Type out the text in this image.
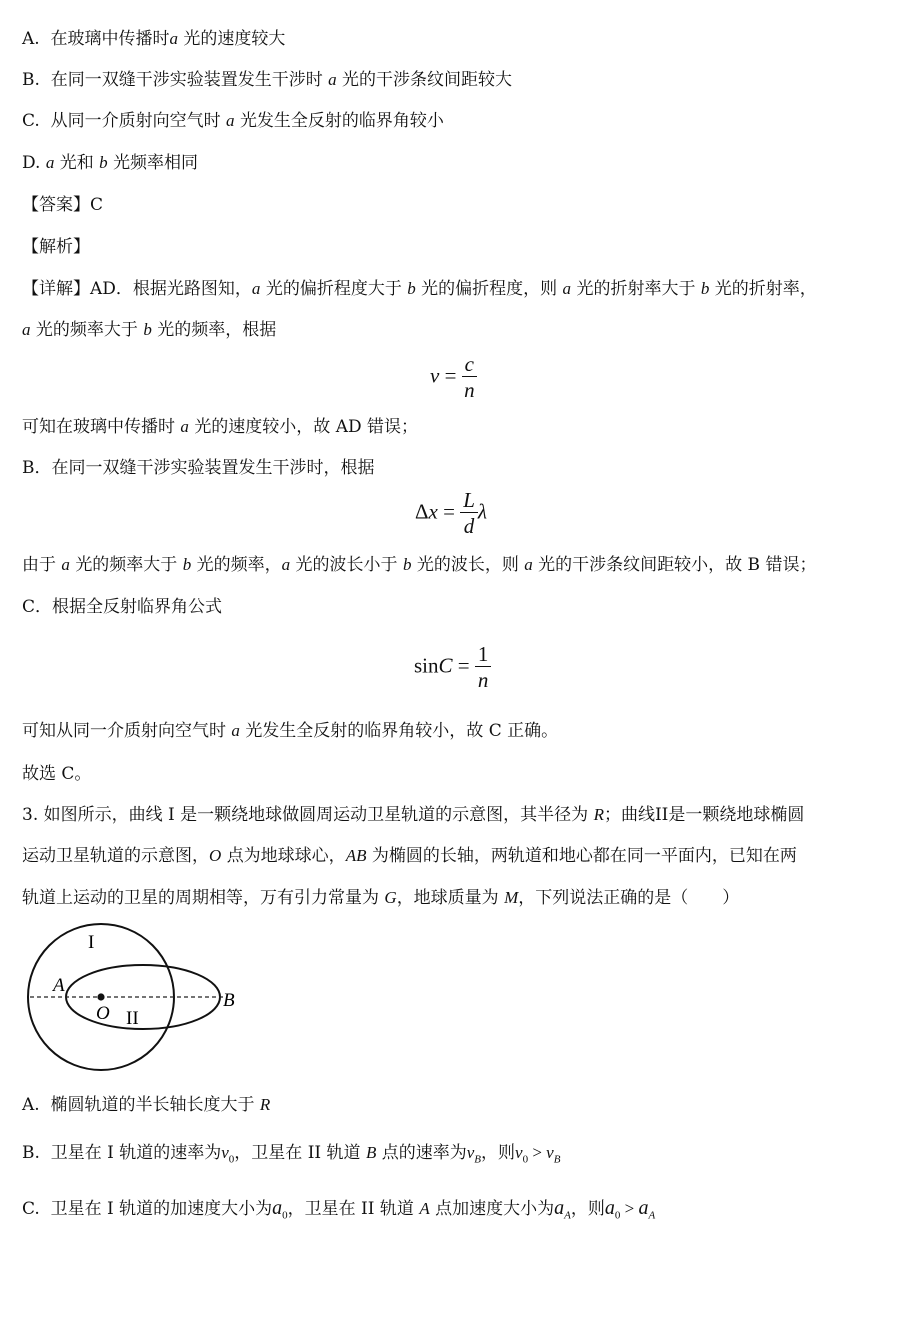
A. 在玻璃中传播时a 光的速度较大
B. 在同一双缝干涉实验装置发生干涉时 a 光的干涉条纹间距较大
C. 从同一介质射向空气时 a 光发生全反射的临界角较小
D. a 光和 b 光频率相同
【答案】C
【解析】
【详解】AD．根据光路图知，a 光的偏折程度大于 b 光的偏折程度，则 a 光的折射率大于 b 光的折射率，
a 光的频率大于 b 光的频率，根据
$v = \frac{c}{n}$
可知在玻璃中传播时 a 光的速度较小，故 AD 错误；
B．在同一双缝干涉实验装置发生干涉时，根据
$\Delta x = \frac{L}{d}$ λ
由于 a 光的频率大于 b 光的频率，a 光的波长小于 b 光的波长，则 a 光的干涉条纹间距较小，故 B 错误；
C．根据全反射临界角公式
$\sin C = \frac{1}{n}$
可知从同一介质射向空气时 a 光发生全反射的临界角较小，故 C 正确。
故选 C。
3. 如图所示，曲线 I 是一颗绕地球做圆周运动卫星轨道的示意图，其半径为 R；曲线II是一颗绕地球椭圆
运动卫星轨道的示意图，O 点为地球球心，AB 为椭圆的长轴，两轨道和地心都在同一平面内，已知在两
轨道上运动的卫星的周期相等，万有引力常量为 G，地球质量为 M，下列说法正确的是（　　）
I
II
A
B
O
A. 椭圆轨道的半长轴长度大于 R
B. 卫星在 I 轨道的速率为$v_0$，卫星在 II 轨道 B 点的速率为$v_B$，则$v_0 > v_B$
C. 卫星在 I 轨道的加速度大小为$a_0$，卫星在 II 轨道 A 点加速度大小为$a_A$，则$a_0 > a_A$
